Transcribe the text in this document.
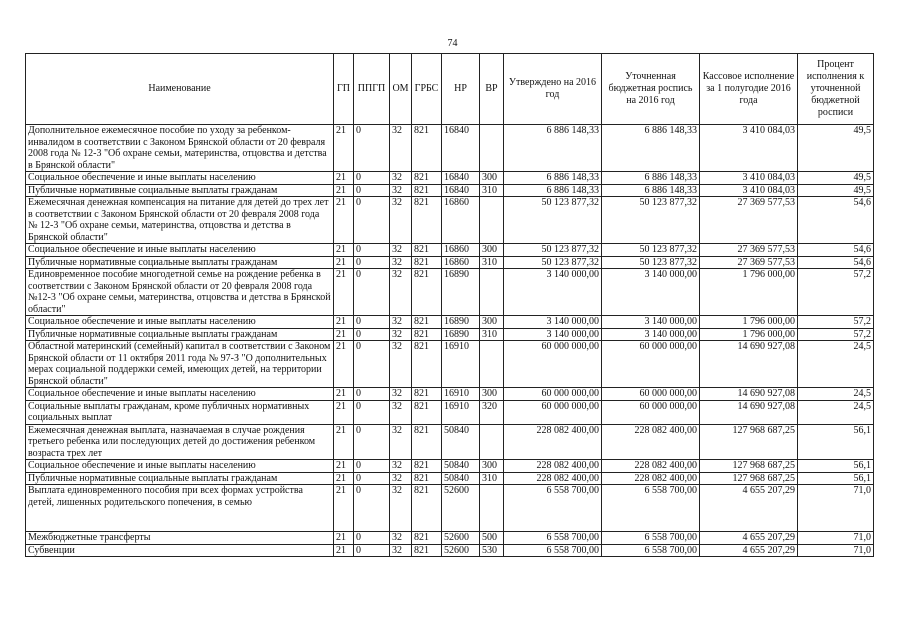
74
Наименование	ГП	ППГП	ОМ	ГРБС	НР	ВР	Утверждено на 2016 год	Уточненная бюджетная роспись на 2016 год	Кассовое исполнение за 1 полугодие 2016 года	Процент исполнения к уточненной бюджетной росписи
Дополнительное ежемесячное пособие по уходу за ребенком-инвалидом в соответствии с Законом Брянской области от 20 февраля 2008 года № 12-3 "Об охране семьи, материнства, отцовства и детства в Брянской области"	21	0	32	821	16840		6 886 148,33	6 886 148,33	3 410 084,03	49,5
Социальное обеспечение и иные выплаты населению	21	0	32	821	16840	300	6 886 148,33	6 886 148,33	3 410 084,03	49,5
Публичные нормативные социальные выплаты гражданам	21	0	32	821	16840	310	6 886 148,33	6 886 148,33	3 410 084,03	49,5
Ежемесячная денежная компенсация на питание для детей до трех лет в соответствии с Законом Брянской области от 20 февраля 2008 года № 12-3 "Об охране семьи, материнства, отцовства и детства в Брянской области"	21	0	32	821	16860		50 123 877,32	50 123 877,32	27 369 577,53	54,6
Социальное обеспечение и иные выплаты населению	21	0	32	821	16860	300	50 123 877,32	50 123 877,32	27 369 577,53	54,6
Публичные нормативные социальные выплаты гражданам	21	0	32	821	16860	310	50 123 877,32	50 123 877,32	27 369 577,53	54,6
Единовременное пособие многодетной семье на рождение ребенка в соответствии с Законом Брянской области от 20 февраля 2008 года №12-3 "Об охране семьи, материнства, отцовства и детства в Брянской области"	21	0	32	821	16890		3 140 000,00	3 140 000,00	1 796 000,00	57,2
Социальное обеспечение и иные выплаты населению	21	0	32	821	16890	300	3 140 000,00	3 140 000,00	1 796 000,00	57,2
Публичные нормативные социальные выплаты гражданам	21	0	32	821	16890	310	3 140 000,00	3 140 000,00	1 796 000,00	57,2
Областной материнский (семейный) капитал в соответствии с Законом Брянской области от 11 октября 2011 года № 97-З "О дополнительных мерах социальной поддержки семей, имеющих детей, на территории Брянской области"	21	0	32	821	16910		60 000 000,00	60 000 000,00	14 690 927,08	24,5
Социальное обеспечение и иные выплаты населению	21	0	32	821	16910	300	60 000 000,00	60 000 000,00	14 690 927,08	24,5
Социальные выплаты гражданам, кроме публичных нормативных социальных выплат	21	0	32	821	16910	320	60 000 000,00	60 000 000,00	14 690 927,08	24,5
Ежемесячная денежная выплата, назначаемая в случае рождения третьего ребенка или последующих детей до достижения ребенком возраста трех лет	21	0	32	821	50840		228 082 400,00	228 082 400,00	127 968 687,25	56,1
Социальное обеспечение и иные выплаты населению	21	0	32	821	50840	300	228 082 400,00	228 082 400,00	127 968 687,25	56,1
Публичные нормативные социальные выплаты гражданам	21	0	32	821	50840	310	228 082 400,00	228 082 400,00	127 968 687,25	56,1
Выплата единовременного пособия при всех формах устройства детей, лишенных родительского попечения, в семью	21	0	32	821	52600		6 558 700,00	6 558 700,00	4 655 207,29	71,0
Межбюджетные трансферты	21	0	32	821	52600	500	6 558 700,00	6 558 700,00	4 655 207,29	71,0
Субвенции	21	0	32	821	52600	530	6 558 700,00	6 558 700,00	4 655 207,29	71,0
